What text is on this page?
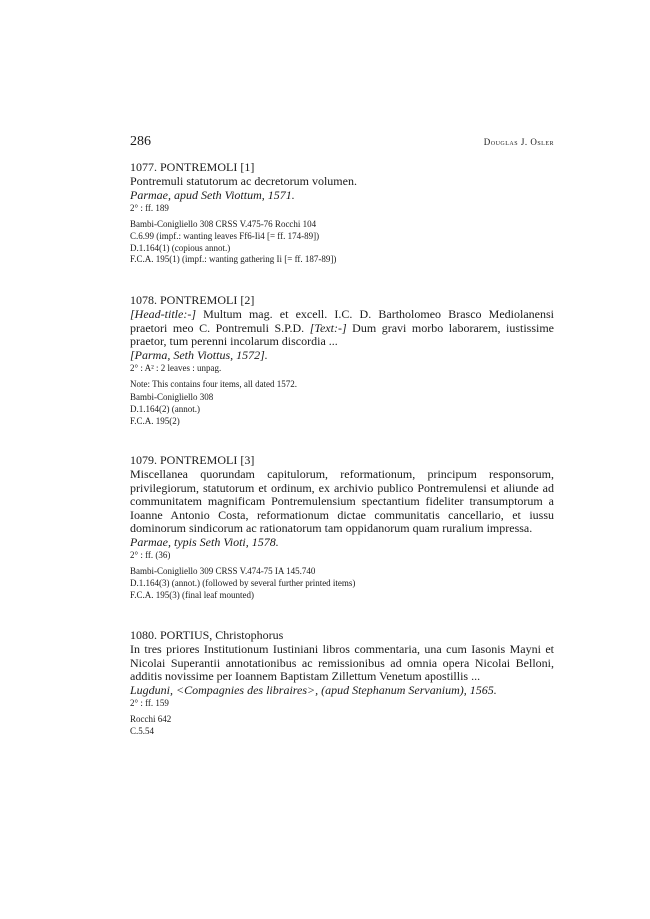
286	Douglas J. Osler
1077. PONTREMOLI [1]
Pontremuli statutorum ac decretorum volumen.
Parmae, apud Seth Viottum, 1571.
2° : ff. 189
Bambi-Conigliello 308 CRSS V.475-76 Rocchi 104
C.6.99 (impf.: wanting leaves Ff6-Ii4 [= ff. 174-89])
D.1.164(1) (copious annot.)
F.C.A. 195(1) (impf.: wanting gathering Ii [= ff. 187-89])
1078. PONTREMOLI [2]
[Head-title:-] Multum mag. et excell. I.C. D. Bartholomeo Brasco Mediolanensi praetori meo C. Pontremuli S.P.D. [Text:-] Dum gravi morbo laborarem, iustissime praetor, tum perenni incolarum discordia ...
[Parma, Seth Viottus, 1572].
2° : A² : 2 leaves : unpag.
Note: This contains four items, all dated 1572.
Bambi-Conigliello 308
D.1.164(2) (annot.)
F.C.A. 195(2)
1079. PONTREMOLI [3]
Miscellanea quorundam capitulorum, reformationum, principum responsorum, privilegiorum, statutorum et ordinum, ex archivio publico Pontremulensi et aliunde ad communitatem magnificam Pontremulensium spectantium fideliter transumptorum a Ioanne Antonio Costa, reformationum dictae communitatis cancellario, et iussu dominorum sindicorum ac rationatorum tam oppidanorum quam ruralium impressa.
Parmae, typis Seth Vioti, 1578.
2° : ff. (36)
Bambi-Conigliello 309 CRSS V.474-75 IA 145.740
D.1.164(3) (annot.) (followed by several further printed items)
F.C.A. 195(3) (final leaf mounted)
1080. PORTIUS, Christophorus
In tres priores Institutionum Iustiniani libros commentaria, una cum Iasonis Mayni et Nicolai Superantii annotationibus ac remissionibus ad omnia opera Nicolai Belloni, additis novissime per Ioannem Baptistam Zillettum Venetum apostillis ...
Lugduni, <Compagnies des libraires>, (apud Stephanum Servanium), 1565.
2° : ff. 159
Rocchi 642
C.5.54
